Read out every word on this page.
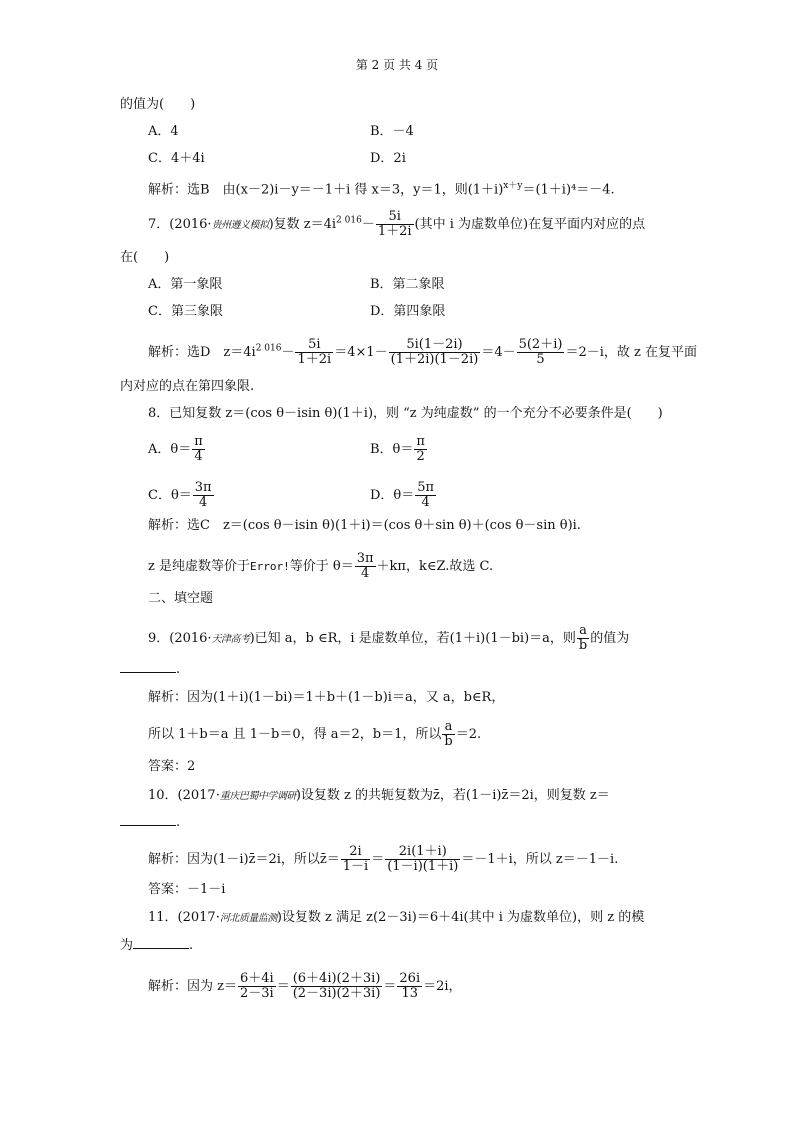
第 2 页 共 4 页
的值为(　　)
A．4	B．－4
C．4＋4i	D．2i
解析：选B　由(x－2)i－y＝－1＋i 得 x＝3，y＝1，则$(1+i)^{x+y}=(1+i)^4=-4$.
7．(2016·贵州遵义模拟)复数 $z=4i^{2 016}- \frac{5i}{1+2i}$ (其中 i 为虚数单位)在复平面内对应的点
在(　　)
A．第一象限	B．第二象限
C．第三象限	D．第四象限
解析：选D　$z=4i^{2 016}- \frac{5i}{1+2i} =4\times 1- \frac{5i(1-2i)}{(1+2i)(1-2i)} =4- \frac{5(2+i)}{5} =2-i$，故 z 在复平面
内对应的点在第四象限.
8．已知复数 z＝(cos θ－isin θ)(1＋i)，则 “z 为纯虚数” 的一个充分不必要条件是(　　)
A．$\theta= \frac{\pi}{4}$	B．$\theta= \frac{\pi}{2}$
C．$\theta= \frac{3\pi}{4}$	D．$\theta= \frac{5\pi}{4}$
解析：选C　z＝(cos θ－isin θ)(1＋i)＝(cos θ＋sin θ)＋(cos θ－sin θ)i.
z 是纯虚数等价于Error!等价于 $\theta= \frac{3\pi}{4} +k\pi$，k∈Z.故选 C.
二、填空题
9．(2016·天津高考)已知 a，b ∈R，i 是虚数单位，若(1＋i)(1－bi)＝a，则 $\frac{a}{b}$ 的值为
.
解析：因为(1＋i)(1－bi)＝1＋b＋(1－b)i＝a，又 a，b∈R，
所以 1＋b＝a 且 1－b＝0，得 a＝2，b＝1，所以 $\frac{a}{b} =2$.
答案：2
10．(2017·重庆巴蜀中学调研)设复数 z 的共轭复数为z̄，若(1－i)z̄＝2i，则复数 z＝
.
解析：因为(1－i)z̄＝2i，所以z̄＝ $\frac{2i}{1-i} = \frac{2i(1+i)}{(1-i)(1+i)} =-1+i$，所以 z＝－1－i.
答案：－1－i
11．(2017·河北质量监测)设复数 z 满足 z(2－3i)＝6＋4i(其中 i 为虚数单位)，则 z 的模
为	.
解析：因为 $z= \frac{6+4i}{2-3i} = \frac{(6+4i)(2+3i)}{(2-3i)(2+3i)} = \frac{26i}{13} =2i$，
